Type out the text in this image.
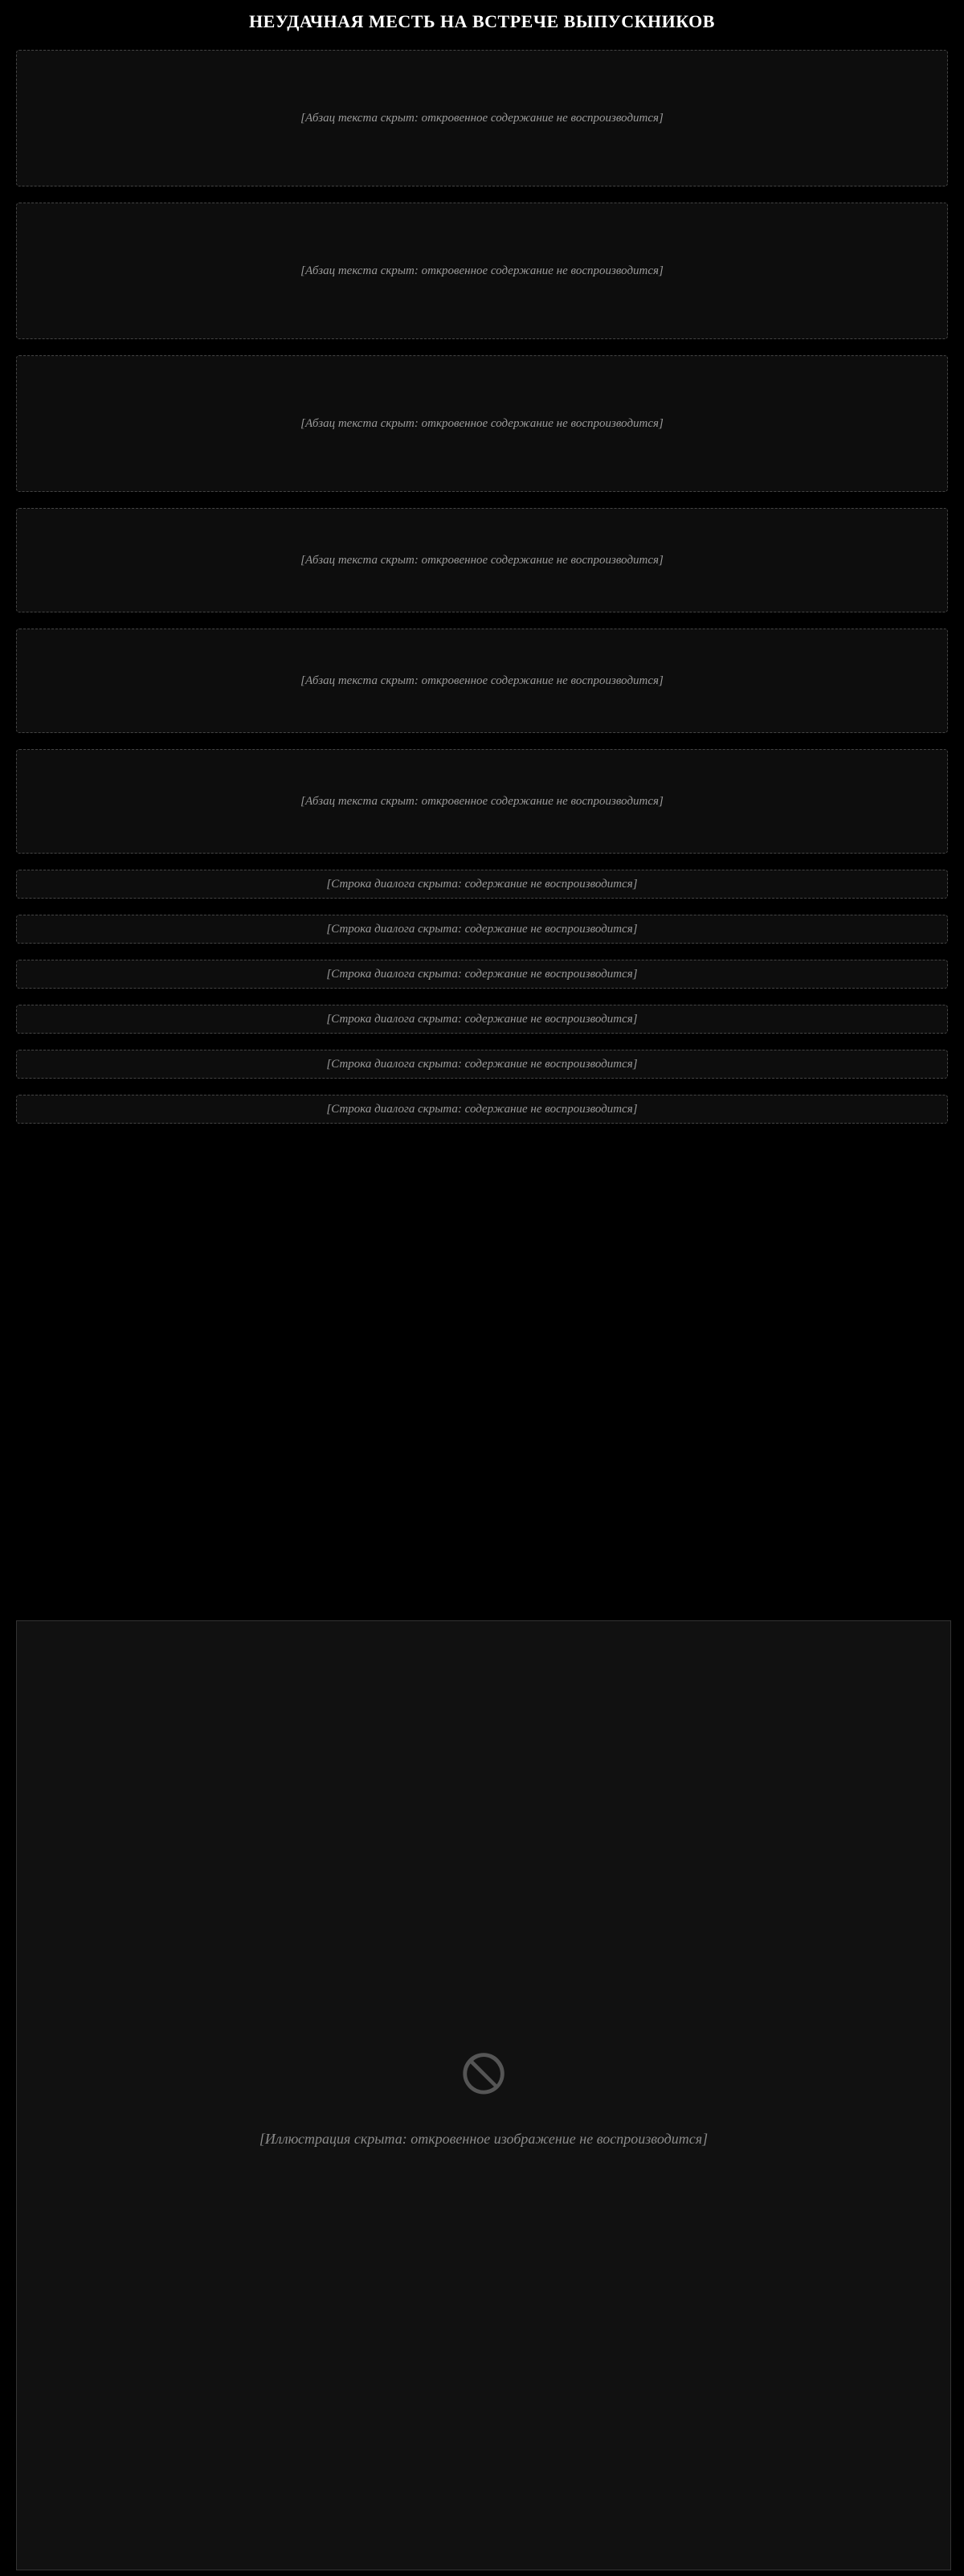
НЕУДАЧНАЯ МЕСТЬ НА ВСТРЕЧЕ ВЫПУСКНИКОВ
[Абзац текста скрыт: откровенное содержание не воспроизводится]
[Абзац текста скрыт: откровенное содержание не воспроизводится]
[Абзац текста скрыт: откровенное содержание не воспроизводится]
[Абзац текста скрыт: откровенное содержание не воспроизводится]
[Абзац текста скрыт: откровенное содержание не воспроизводится]
[Абзац текста скрыт: откровенное содержание не воспроизводится]
[Строка диалога скрыта: содержание не воспроизводится]
[Строка диалога скрыта: содержание не воспроизводится]
[Строка диалога скрыта: содержание не воспроизводится]
[Строка диалога скрыта: содержание не воспроизводится]
[Строка диалога скрыта: содержание не воспроизводится]
[Строка диалога скрыта: содержание не воспроизводится]
🛇
[Иллюстрация скрыта: откровенное изображение не воспроизводится]
